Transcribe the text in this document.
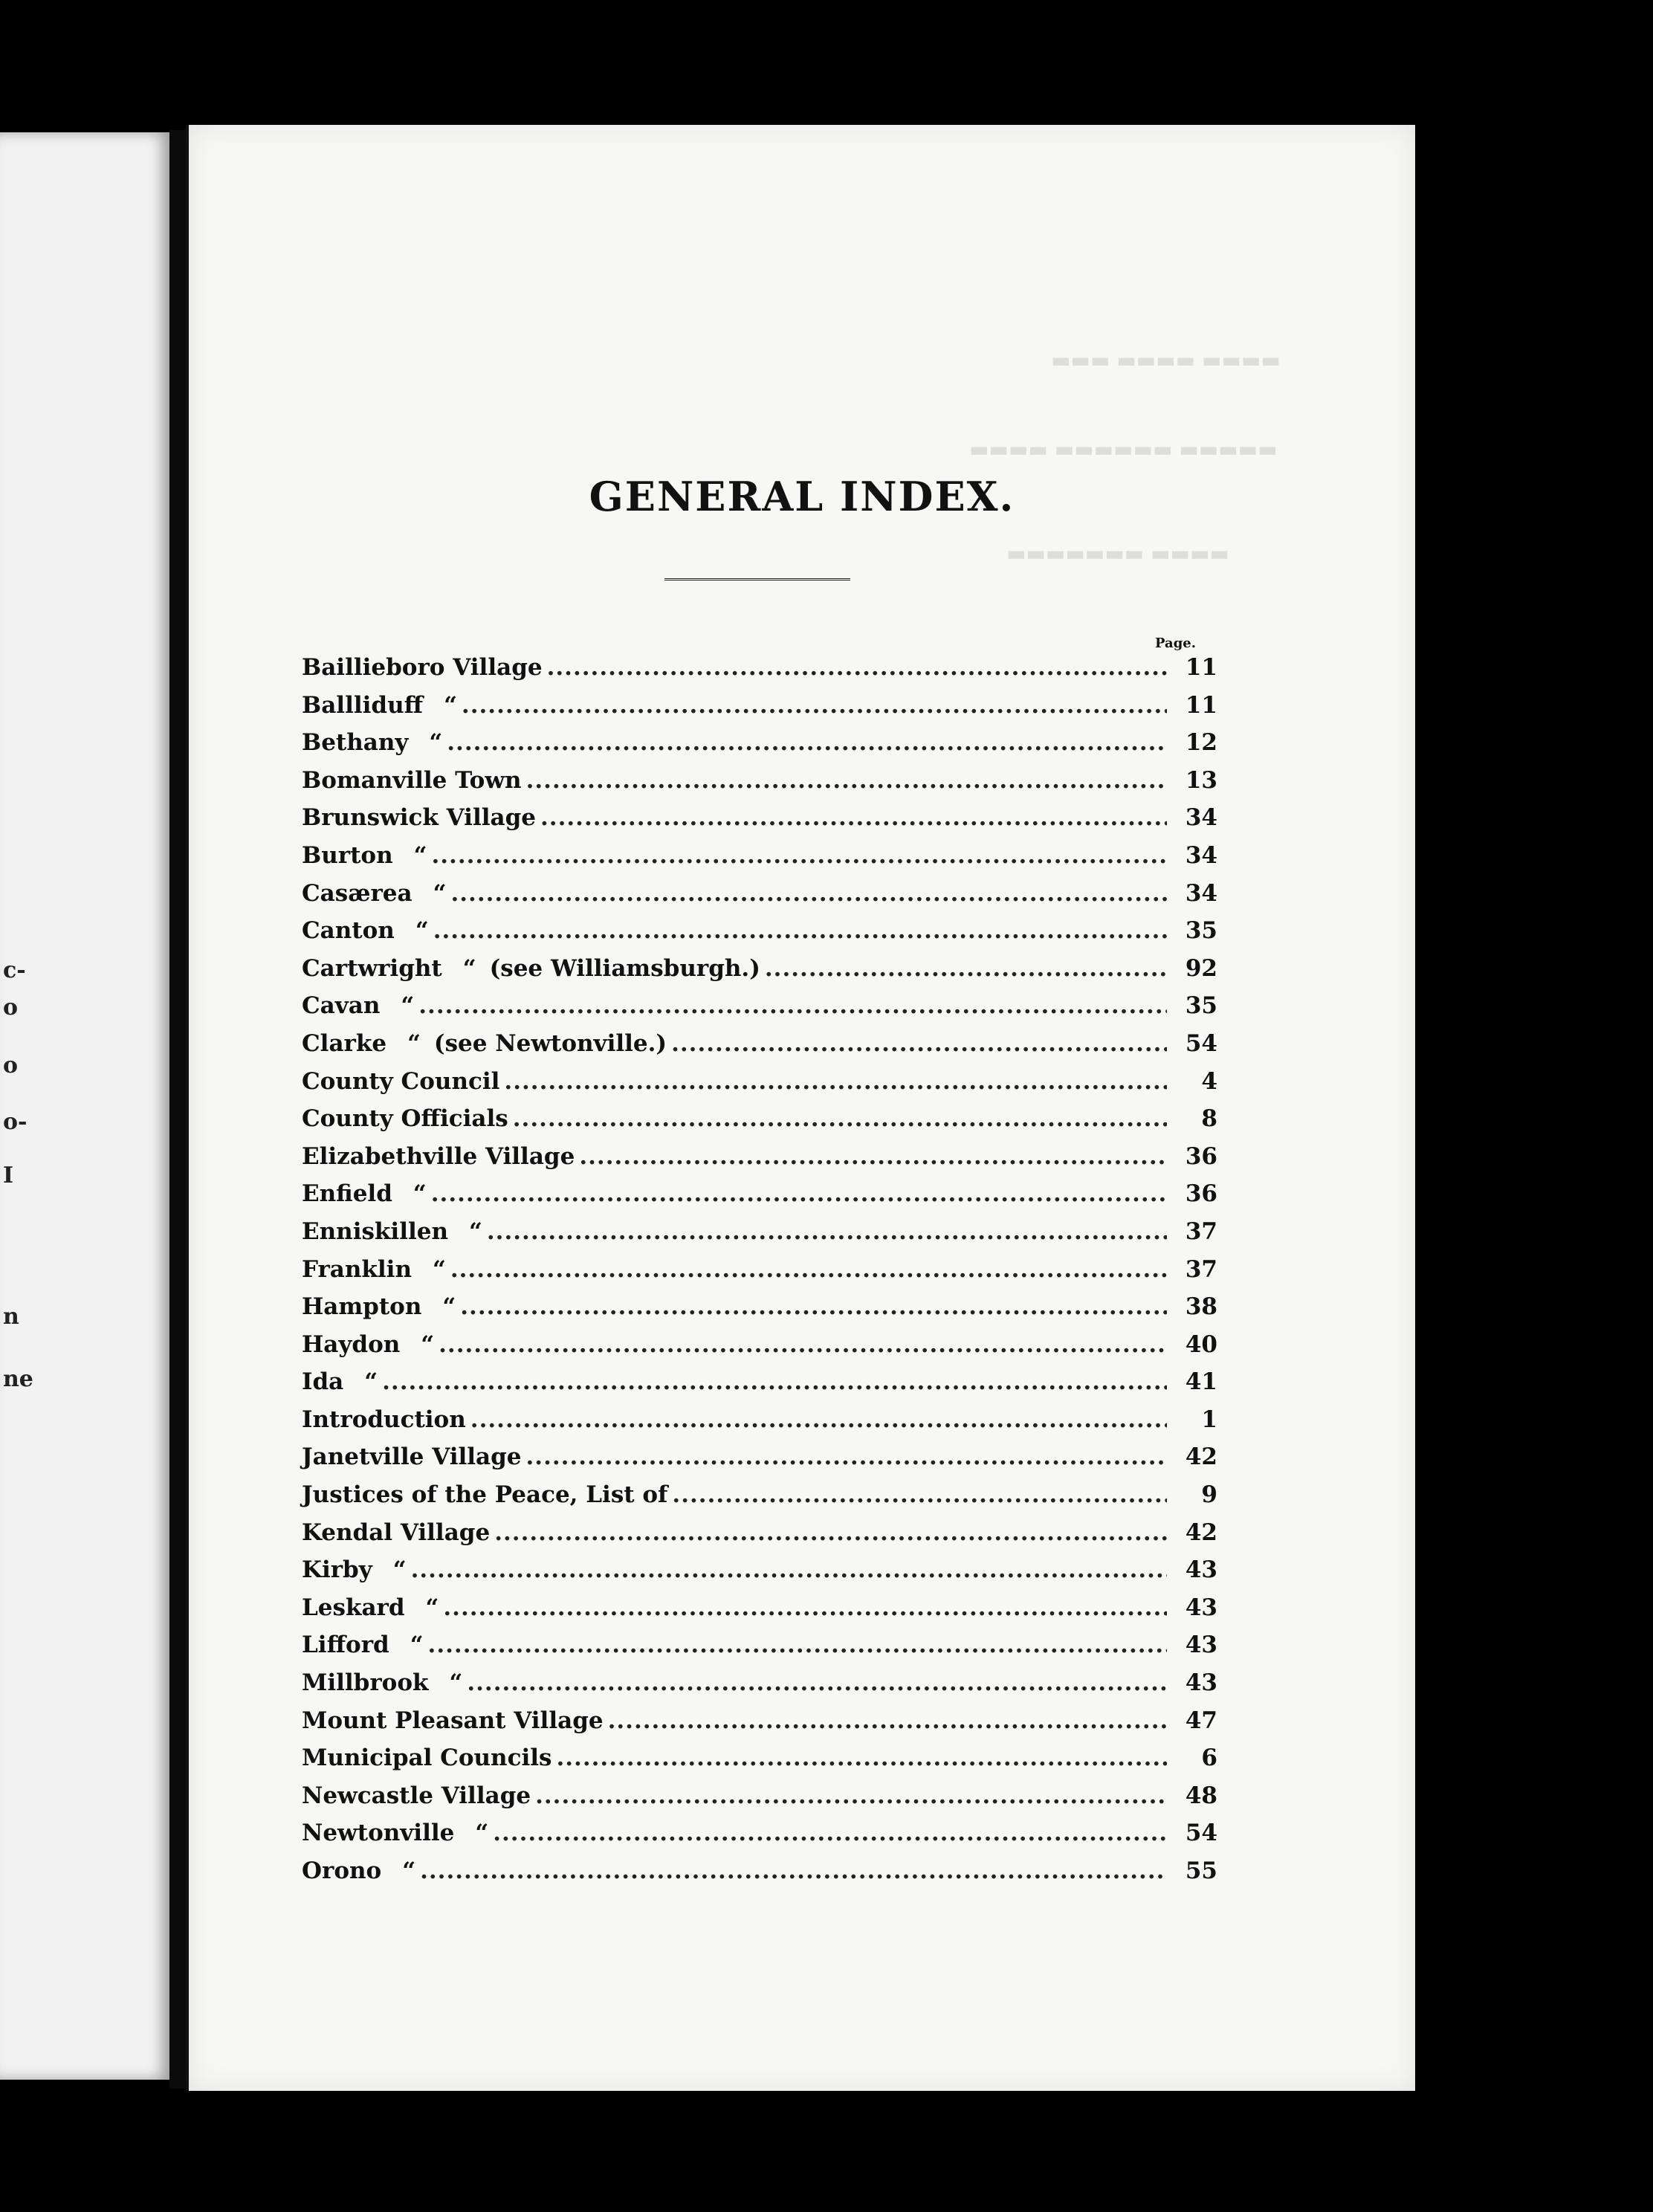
c-
o
o
o-
I
n
ne
▬▬▬▬ ▬▬▬▬ ▬▬▬
▬▬▬▬▬ ▬▬▬▬▬▬ ▬▬▬▬
▬▬▬▬ ▬▬▬▬▬▬▬
GENERAL INDEX.
Page.
Baillieboro Village .....	11
Ballliduff “ .....	11
Bethany “ .....	12
Bomanville Town .....	13
Brunswick Village .....	34
Burton “ .....	34
Casærea “ .....	34
Canton “ .....	35
Cartwright “ (see Williamsburgh.) .....	92
Cavan “ .....	35
Clarke “ (see Newtonville.) .....	54
County Council .....	4
County Officials .....	8
Elizabethville Village .....	36
Enfield “ .....	36
Enniskillen “ .....	37
Franklin “ .....	37
Hampton “ .....	38
Haydon “ .....	40
Ida “ .....	41
Introduction .....	1
Janetville Village .....	42
Justices of the Peace, List of .....	9
Kendal Village .....	42
Kirby “ .....	43
Leskard “ .....	43
Lifford “ .....	43
Millbrook “ .....	43
Mount Pleasant Village .....	47
Municipal Councils .....	6
Newcastle Village .....	48
Newtonville “ .....	54
Orono “ .....	55
